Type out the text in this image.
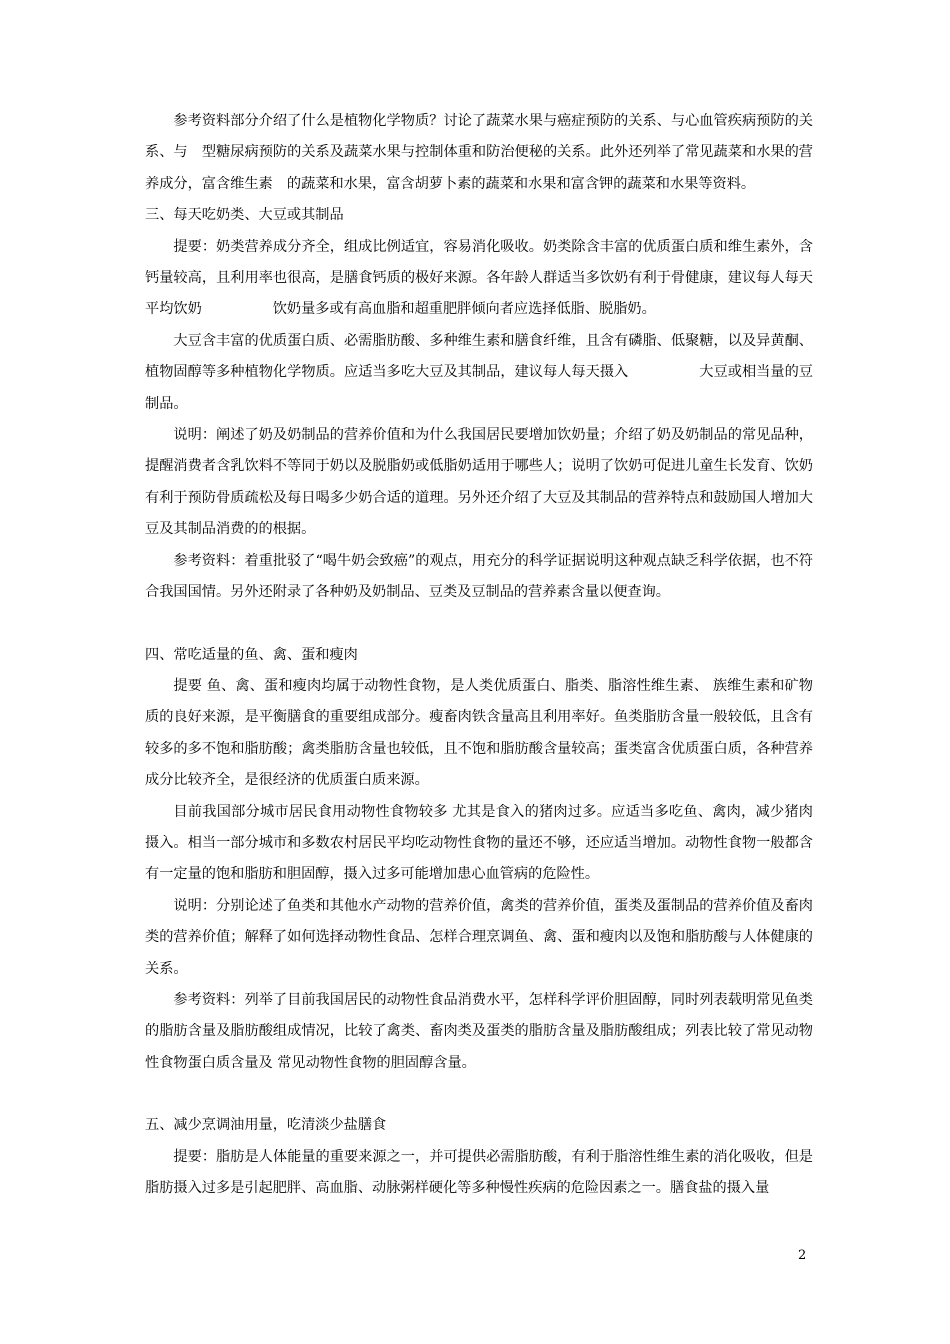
参考资料部分介绍了什么是植物化学物质？讨论了蔬菜水果与癌症预防的关系、与心血管疾病预防的关系、与　型糖尿病预防的关系及蔬菜水果与控制体重和防治便秘的关系。此外还列举了常见蔬菜和水果的营养成分，富含维生素　的蔬菜和水果，富含胡萝卜素的蔬菜和水果和富含钾的蔬菜和水果等资料。

三、每天吃奶类、大豆或其制品

提要：奶类营养成分齐全，组成比例适宜，容易消化吸收。奶类除含丰富的优质蛋白质和维生素外，含钙量较高，且利用率也很高，是膳食钙质的极好来源。各年龄人群适当多饮奶有利于骨健康，建议每人每天平均饮奶　　　　　饮奶量多或有高血脂和超重肥胖倾向者应选择低脂、脱脂奶。

大豆含丰富的优质蛋白质、必需脂肪酸、多种维生素和膳食纤维，且含有磷脂、低聚糖，以及异黄酮、植物固醇等多种植物化学物质。应适当多吃大豆及其制品，建议每人每天摄入　　　　　大豆或相当量的豆制品。

说明：阐述了奶及奶制品的营养价值和为什么我国居民要增加饮奶量；介绍了奶及奶制品的常见品种，提醒消费者含乳饮料不等同于奶以及脱脂奶或低脂奶适用于哪些人；说明了饮奶可促进儿童生长发育、饮奶有利于预防骨质疏松及每日喝多少奶合适的道理。另外还介绍了大豆及其制品的营养特点和鼓励国人增加大豆及其制品消费的的根据。

参考资料：着重批驳了“喝牛奶会致癌”的观点，用充分的科学证据说明这种观点缺乏科学依据，也不符合我国国情。另外还附录了各种奶及奶制品、豆类及豆制品的营养素含量以便查询。

四、常吃适量的鱼、禽、蛋和瘦肉

提要 鱼、禽、蛋和瘦肉均属于动物性食物，是人类优质蛋白、脂类、脂溶性维生素、 族维生素和矿物质的良好来源，是平衡膳食的重要组成部分。瘦畜肉铁含量高且利用率好。鱼类脂肪含量一般较低，且含有较多的多不饱和脂肪酸；禽类脂肪含量也较低，且不饱和脂肪酸含量较高；蛋类富含优质蛋白质，各种营养成分比较齐全，是很经济的优质蛋白质来源。

目前我国部分城市居民食用动物性食物较多 尤其是食入的猪肉过多。应适当多吃鱼、禽肉，减少猪肉摄入。相当一部分城市和多数农村居民平均吃动物性食物的量还不够，还应适当增加。动物性食物一般都含有一定量的饱和脂肪和胆固醇，摄入过多可能增加患心血管病的危险性。

说明：分别论述了鱼类和其他水产动物的营养价值，禽类的营养价值，蛋类及蛋制品的营养价值及畜肉类的营养价值；解释了如何选择动物性食品、怎样合理烹调鱼、禽、蛋和瘦肉以及饱和脂肪酸与人体健康的关系。

参考资料：列举了目前我国居民的动物性食品消费水平，怎样科学评价胆固醇，同时列表载明常见鱼类的脂肪含量及脂肪酸组成情况，比较了禽类、畜肉类及蛋类的脂肪含量及脂肪酸组成；列表比较了常见动物性食物蛋白质含量及 常见动物性食物的胆固醇含量。

五、减少烹调油用量，吃清淡少盐膳食

提要：脂肪是人体能量的重要来源之一，并可提供必需脂肪酸，有利于脂溶性维生素的消化吸收，但是脂肪摄入过多是引起肥胖、高血脂、动脉粥样硬化等多种慢性疾病的危险因素之一。膳食盐的摄入量

2
